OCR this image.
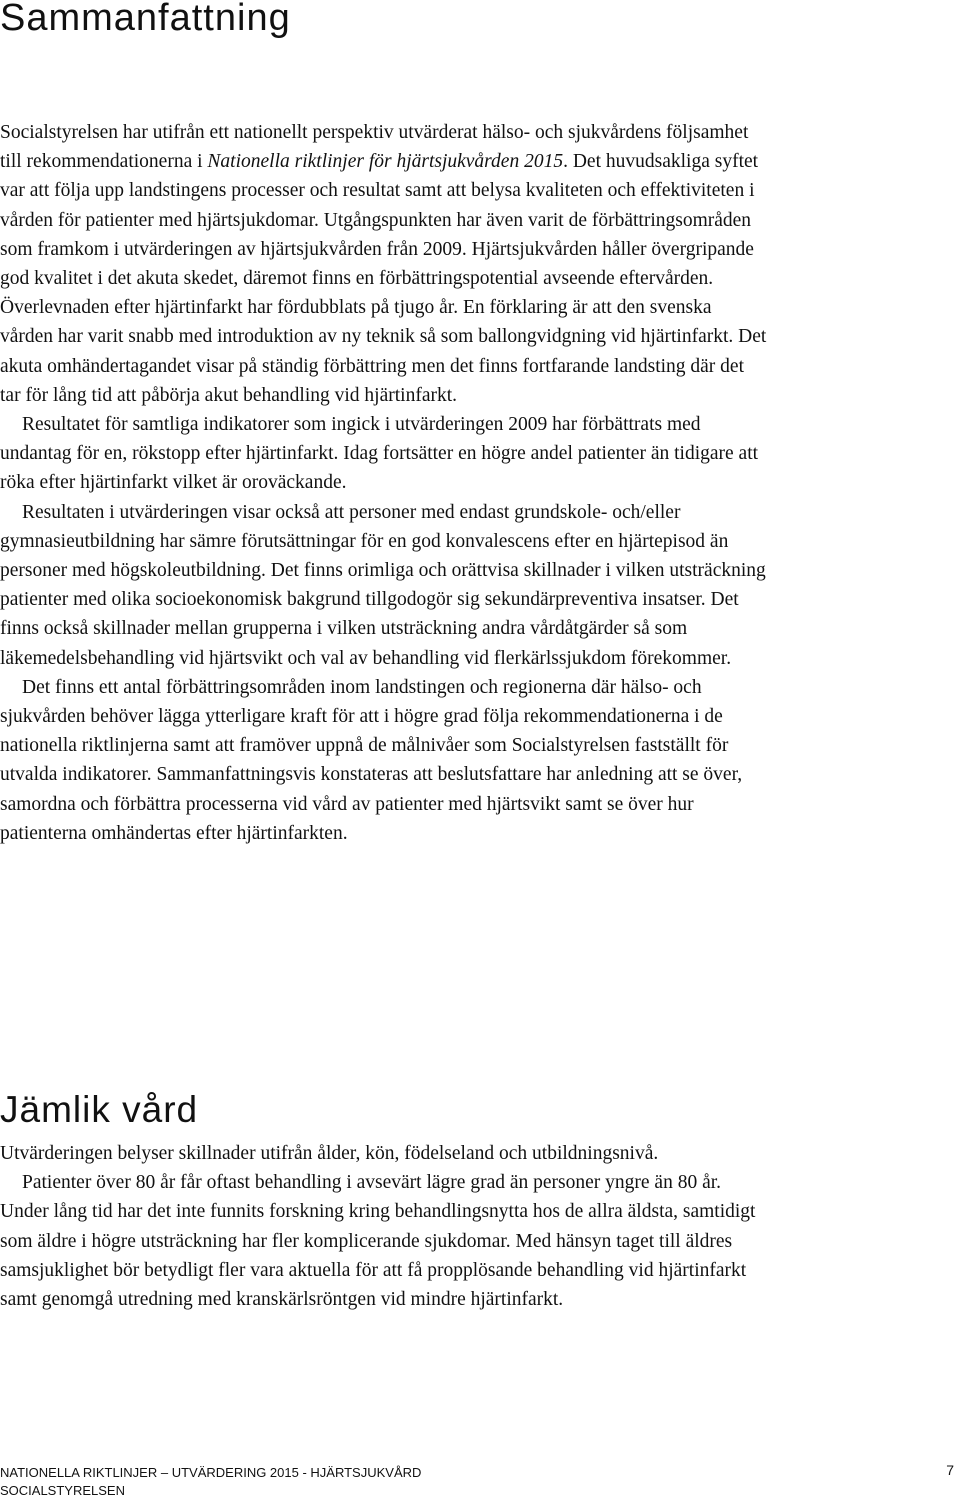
Sammanfattning

Socialstyrelsen har utifrån ett nationellt perspektiv utvärderat hälso- och sjukvårdens följsamhet till rekommendationerna i Nationella riktlinjer för hjärtsjukvården 2015. Det huvudsakliga syftet var att följa upp landstingens processer och resultat samt att belysa kvaliteten och effektiviteten i vården för patienter med hjärtsjukdomar. Utgångspunkten har även varit de förbättringsområden som framkom i utvärderingen av hjärtsjukvården från 2009. Hjärtsjukvården håller övergripande god kvalitet i det akuta skedet, däremot finns en förbättringspotential avseende eftervården. Överlevnaden efter hjärtinfarkt har fördubblats på tjugo år. En förklaring är att den svenska vården har varit snabb med introduktion av ny teknik så som ballongvidgning vid hjärtinfarkt. Det akuta omhändertagandet visar på ständig förbättring men det finns fortfarande landsting där det tar för lång tid att påbörja akut behandling vid hjärtinfarkt.

Resultatet för samtliga indikatorer som ingick i utvärderingen 2009 har förbättrats med undantag för en, rökstopp efter hjärtinfarkt. Idag fortsätter en högre andel patienter än tidigare att röka efter hjärtinfarkt vilket är oroväckande.

Resultaten i utvärderingen visar också att personer med endast grundskole- och/eller gymnasieutbildning har sämre förutsättningar för en god konvalescens efter en hjärtepisod än personer med högskoleutbildning. Det finns orimliga och orättvisa skillnader i vilken utsträckning patienter med olika socioekonomisk bakgrund tillgodogör sig sekundärpreventiva insatser. Det finns också skillnader mellan grupperna i vilken utsträckning andra vårdåtgärder så som läkemedelsbehandling vid hjärtsvikt och val av behandling vid flerkärlssjukdom förekommer.

Det finns ett antal förbättringsområden inom landstingen och regionerna där hälso- och sjukvården behöver lägga ytterligare kraft för att i högre grad följa rekommendationerna i de nationella riktlinjerna samt att framöver uppnå de målnivåer som Socialstyrelsen fastställt för utvalda indikatorer. Sammanfattningsvis konstateras att beslutsfattare har anledning att se över, samordna och förbättra processerna vid vård av patienter med hjärtsvikt samt se över hur patienterna omhändertas efter hjärtinfarkten.

Jämlik vård

Utvärderingen belyser skillnader utifrån ålder, kön, födelseland och utbildningsnivå.

Patienter över 80 år får oftast behandling i avsevärt lägre grad än personer yngre än 80 år. Under lång tid har det inte funnits forskning kring behandlingsnytta hos de allra äldsta, samtidigt som äldre i högre utsträckning har fler komplicerande sjukdomar. Med hänsyn taget till äldres samsjuklighet bör betydligt fler vara aktuella för att få propplösande behandling vid hjärtinfarkt samt genomgå utredning med kranskärlsröntgen vid mindre hjärtinfarkt.

NATIONELLA RIKTLINJER – UTVÄRDERING 2015 - HJÄRTSJUKVÅRD
SOCIALSTYRELSEN
7
